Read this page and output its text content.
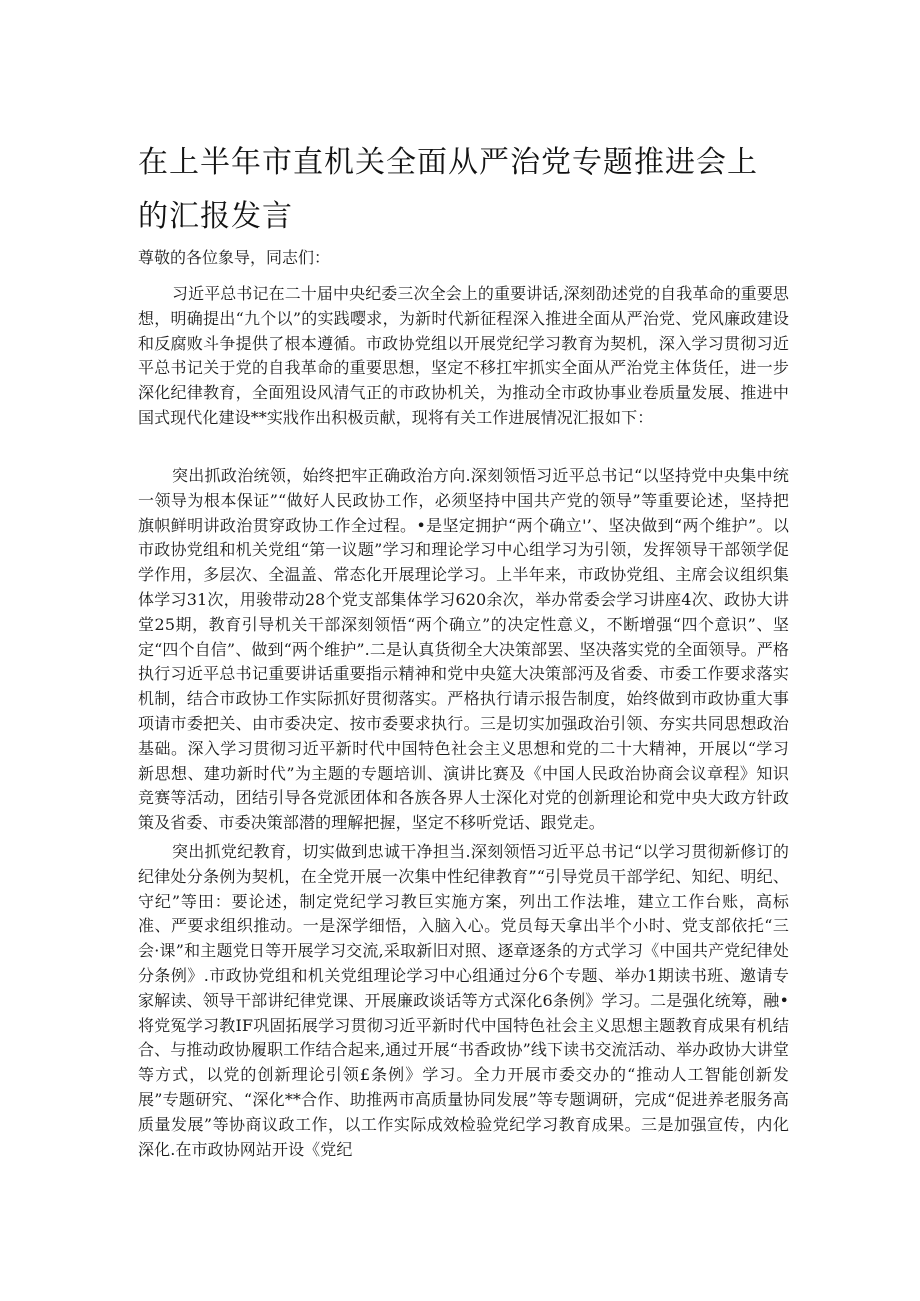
在上半年市直机关全面从严治党专题推进会上的汇报发言

尊敬的各位象导，同志们：

习近平总书记在二十届中央纪委三次全会上的重要讲话,深刻劭述党的自我革命的重要思想，明确提出“九个以”的实践嘤求，为新时代新征程深入推进全面从严治党、党风廉政建设和反腐败斗争提供了根本遵循。市政协党组以开展党纪学习教育为契机，深入学习贯彻习近平总书记关于党的自我革命的重要思想，坚定不移扛牢抓实全面从严治党主体货任，进一步深化纪律教育，全面殂设风清气正的市政协机关，为推动全市政协事业卷质量发展、推进中国式现代化建设**实戕作出积极贡献，现将有关工作进展情况汇报如下：

突出抓政治统领，始终把牢正确政治方向.深刻领悟习近平总书记“以坚持党中央集中统一领导为根本保证”“做好人民政协工作，必须坚持中国共产党的领导”等重要论述，坚持把旗帜鲜明讲政治贯穿政协工作全过程。•是坚定拥护“两个确立'’、坚决做到“两个维护”。以市政协党组和机关党组“第一议题”学习和理论学习中心组学习为引领，发挥领导干部领学促学作用，多层次、全温盖、常态化开展理论学习。上半年来，市政协党组、主席会议组织集体学习31次，用骏带动28个党支部集体学习620余次，举办常委会学习讲座4次、政协大讲堂25期，教育引导机关干部深刻领悟“两个确立”的决定性意义，不断增强“四个意识”、坚定“四个自信”、做到“两个维护”.二是认真货彻全大决策部罢、坚决落实党的全面领导。严格执行习近平总书记重要讲话重要指示精神和党中央筵大决策部沔及省委、市委工作要求落实机制，结合市政协工作实际抓好贯彻落实。严格执行请示报告制度，始终做到市政协重大事项请市委把关、由市委决定、按市委要求执行。三是切实加强政治引领、夯实共同思想政治基础。深入学习贯彻习近平新时代中国特色社会主义思想和党的二十大精神，开展以“学习新思想、建功新时代”为主题的专题培训、演讲比赛及《中国人民政治协商会议章程》知识竞赛等活动，团结引导各党派团体和各族各界人士深化对党的创新理论和党中央大政方针政策及省委、市委决策部潜的理解把握，坚定不移听党话、跟党走。

突出抓党纪教育，切实做到忠诚干净担当.深刻领悟习近平总书记“以学习贯彻新修订的纪律处分条例为契机，在全党开展一次集中性纪律教育”“引导党员干部学纪、知纪、明纪、守纪”等田：要论述，制定党纪学习教巨实施方案，列出工作法堆，建立工作台账，高标准、严要求组织推动。一是深学细悟，入脑入心。党员每天拿出半个小时、党支部依托“三会·课”和主题党日等开展学习交流,采取新旧对照、逐章逐条的方式学习《中国共产党纪律处分条例》.市政协党组和机关党组理论学习中心组通过分6个专题、举办1期读书班、邀请专家解读、领导干部讲纪律党课、开展廉政谈话等方式深化6条例》学习。二是强化统筹，融•将党冤学习教IF巩固拓展学习贯彻习近平新时代中国特色社会主义思想主题教育成果有机结合、与推动政协履职工作结合起来,通过开展“书香政协”线下读书交流活动、举办政协大讲堂等方式，以党的创新理论引领£条例》学习。全力开展市委交办的“推动人工智能创新发展”专题研究、“深化**合作、助推两市高质量协同发展”等专题调研，完成“促进养老服务高质量发展”等协商议政工作，以工作实际成效检验党纪学习教育成果。三是加强宣传，内化深化.在市政协网站开设《党纪
